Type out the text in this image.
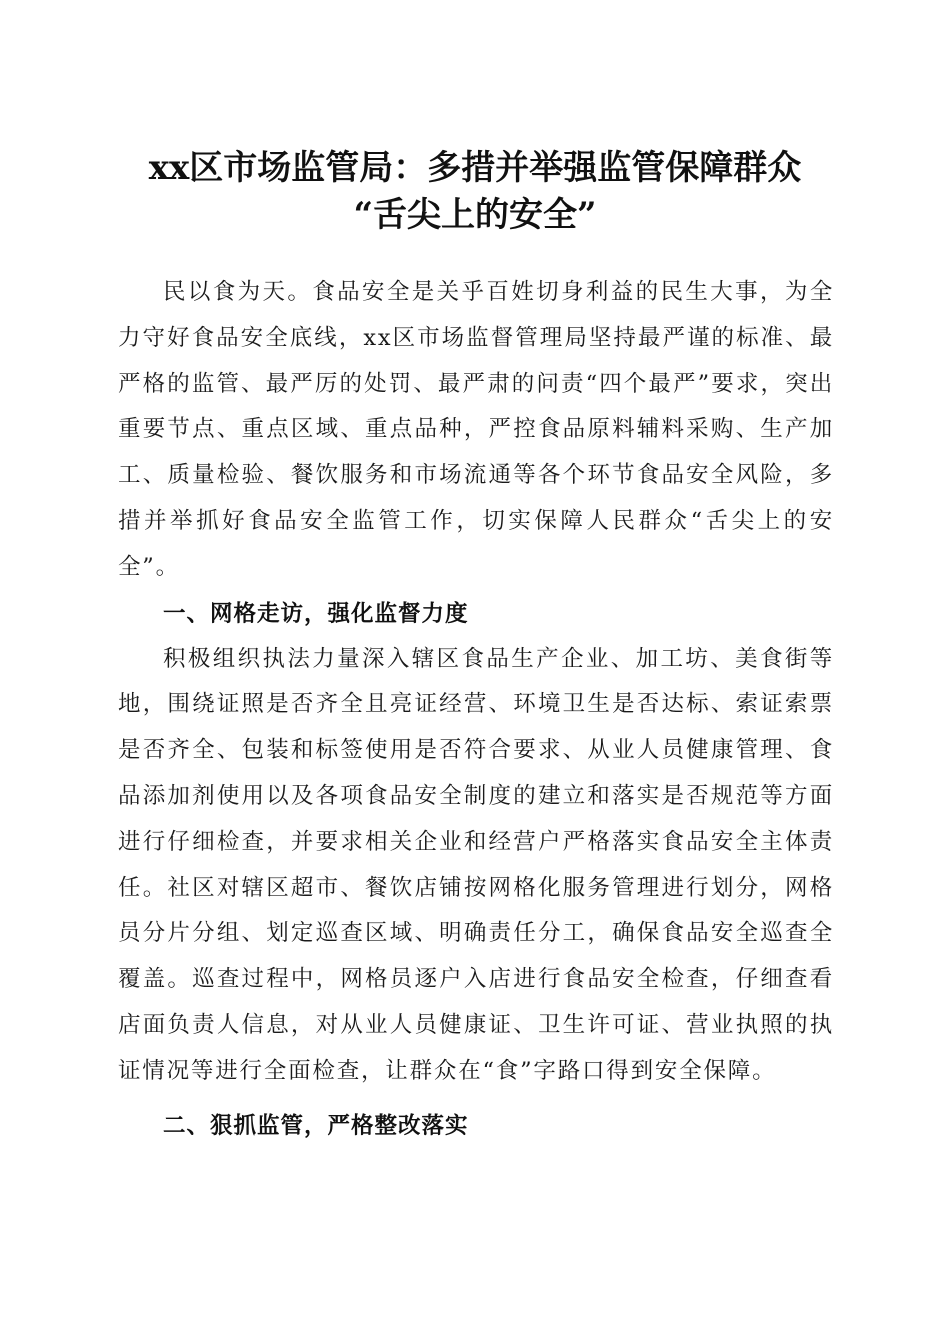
xx区市场监管局：多措并举强监管保障群众
“舌尖上的安全”

民以食为天。食品安全是关乎百姓切身利益的民生大事，为全力守好食品安全底线，xx区市场监督管理局坚持最严谨的标准、最严格的监管、最严厉的处罚、最严肃的问责“四个最严”要求，突出重要节点、重点区域、重点品种，严控食品原料辅料采购、生产加工、质量检验、餐饮服务和市场流通等各个环节食品安全风险，多措并举抓好食品安全监管工作，切实保障人民群众“舌尖上的安全”。

一、网格走访，强化监督力度

积极组织执法力量深入辖区食品生产企业、加工坊、美食街等地，围绕证照是否齐全且亮证经营、环境卫生是否达标、索证索票是否齐全、包装和标签使用是否符合要求、从业人员健康管理、食品添加剂使用以及各项食品安全制度的建立和落实是否规范等方面进行仔细检查，并要求相关企业和经营户严格落实食品安全主体责任。社区对辖区超市、餐饮店铺按网格化服务管理进行划分，网格员分片分组、划定巡查区域、明确责任分工，确保食品安全巡查全覆盖。巡查过程中，网格员逐户入店进行食品安全检查，仔细查看店面负责人信息，对从业人员健康证、卫生许可证、营业执照的执证情况等进行全面检查，让群众在“食”字路口得到安全保障。

二、狠抓监管，严格整改落实
